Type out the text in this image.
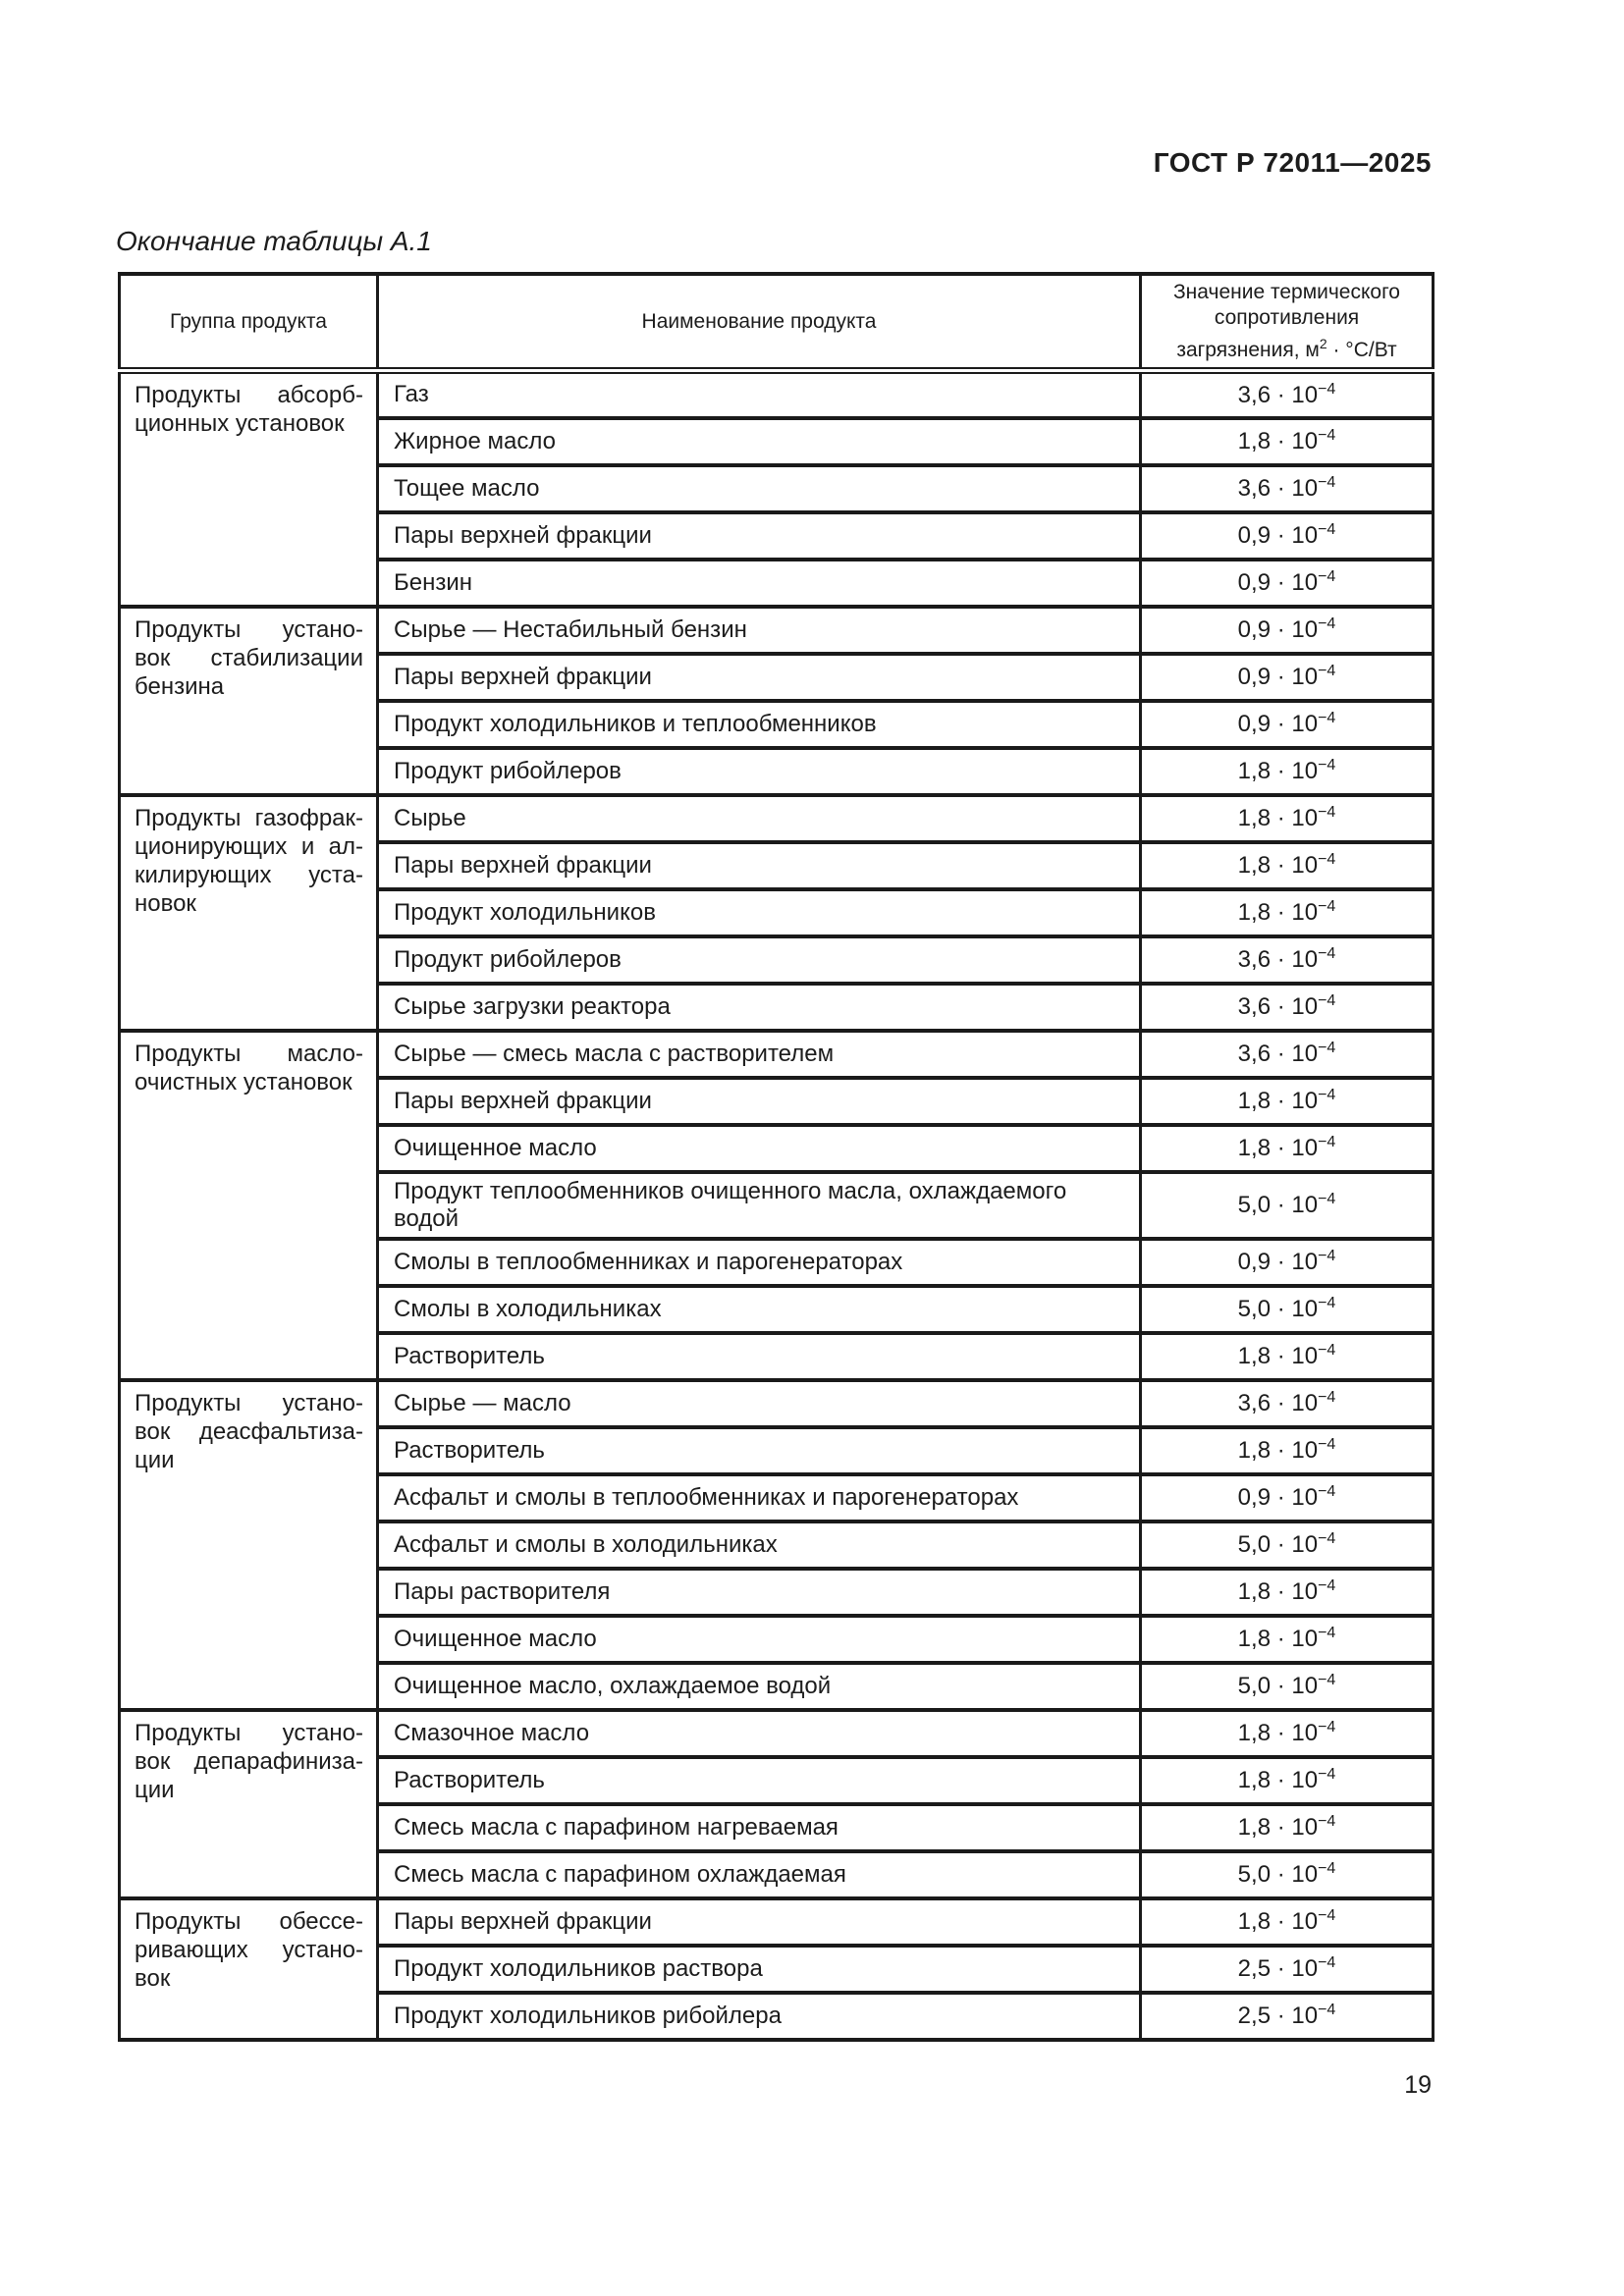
ГОСТ Р 72011—2025
Окончание таблицы А.1
Группа продукта	Наименование продукта	Значение термического
сопротивления
загрязнения, $м^2 \cdot ^\circ С/Вт$

Продукты абсорб-
ционных установок	Газ	$3,6 \cdot 10^{-4}$
	Жирное масло	$1,8 \cdot 10^{-4}$
	Тощее масло	$3,6 \cdot 10^{-4}$
	Пары верхней фракции	$0,9 \cdot 10^{-4}$
	Бензин	$0,9 \cdot 10^{-4}$

Продукты устано-
вок стабилизации
бензина	Сырье — Нестабильный бензин	$0,9 \cdot 10^{-4}$
	Пары верхней фракции	$0,9 \cdot 10^{-4}$
	Продукт холодильников и теплообменников	$0,9 \cdot 10^{-4}$
	Продукт рибойлеров	$1,8 \cdot 10^{-4}$

Продукты газофрак-
ционирующих и ал-
килирующих уста-
новок	Сырье	$1,8 \cdot 10^{-4}$
	Пары верхней фракции	$1,8 \cdot 10^{-4}$
	Продукт холодильников	$1,8 \cdot 10^{-4}$
	Продукт рибойлеров	$3,6 \cdot 10^{-4}$
	Сырье загрузки реактора	$3,6 \cdot 10^{-4}$

Продукты масло-
очистных установок	Сырье — смесь масла с растворителем	$3,6 \cdot 10^{-4}$
	Пары верхней фракции	$1,8 \cdot 10^{-4}$
	Очищенное масло	$1,8 \cdot 10^{-4}$
	Продукт теплообменников очищенного масла, охлаждаемого водой	$5,0 \cdot 10^{-4}$
	Смолы в теплообменниках и парогенераторах	$0,9 \cdot 10^{-4}$
	Смолы в холодильниках	$5,0 \cdot 10^{-4}$
	Растворитель	$1,8 \cdot 10^{-4}$

Продукты устано-
вок деасфальтиза-
ции	Сырье — масло	$3,6 \cdot 10^{-4}$
	Растворитель	$1,8 \cdot 10^{-4}$
	Асфальт и смолы в теплообменниках и парогенераторах	$0,9 \cdot 10^{-4}$
	Асфальт и смолы в холодильниках	$5,0 \cdot 10^{-4}$
	Пары растворителя	$1,8 \cdot 10^{-4}$
	Очищенное масло	$1,8 \cdot 10^{-4}$
	Очищенное масло, охлаждаемое водой	$5,0 \cdot 10^{-4}$

Продукты устано-
вок депарафиниза-
ции	Смазочное масло	$1,8 \cdot 10^{-4}$
	Растворитель	$1,8 \cdot 10^{-4}$
	Смесь масла с парафином нагреваемая	$1,8 \cdot 10^{-4}$
	Смесь масла с парафином охлаждаемая	$5,0 \cdot 10^{-4}$

Продукты обессе-
ривающих устано-
вок	Пары верхней фракции	$1,8 \cdot 10^{-4}$
	Продукт холодильников раствора	$2,5 \cdot 10^{-4}$
	Продукт холодильников рибойлера	$2,5 \cdot 10^{-4}$
19
